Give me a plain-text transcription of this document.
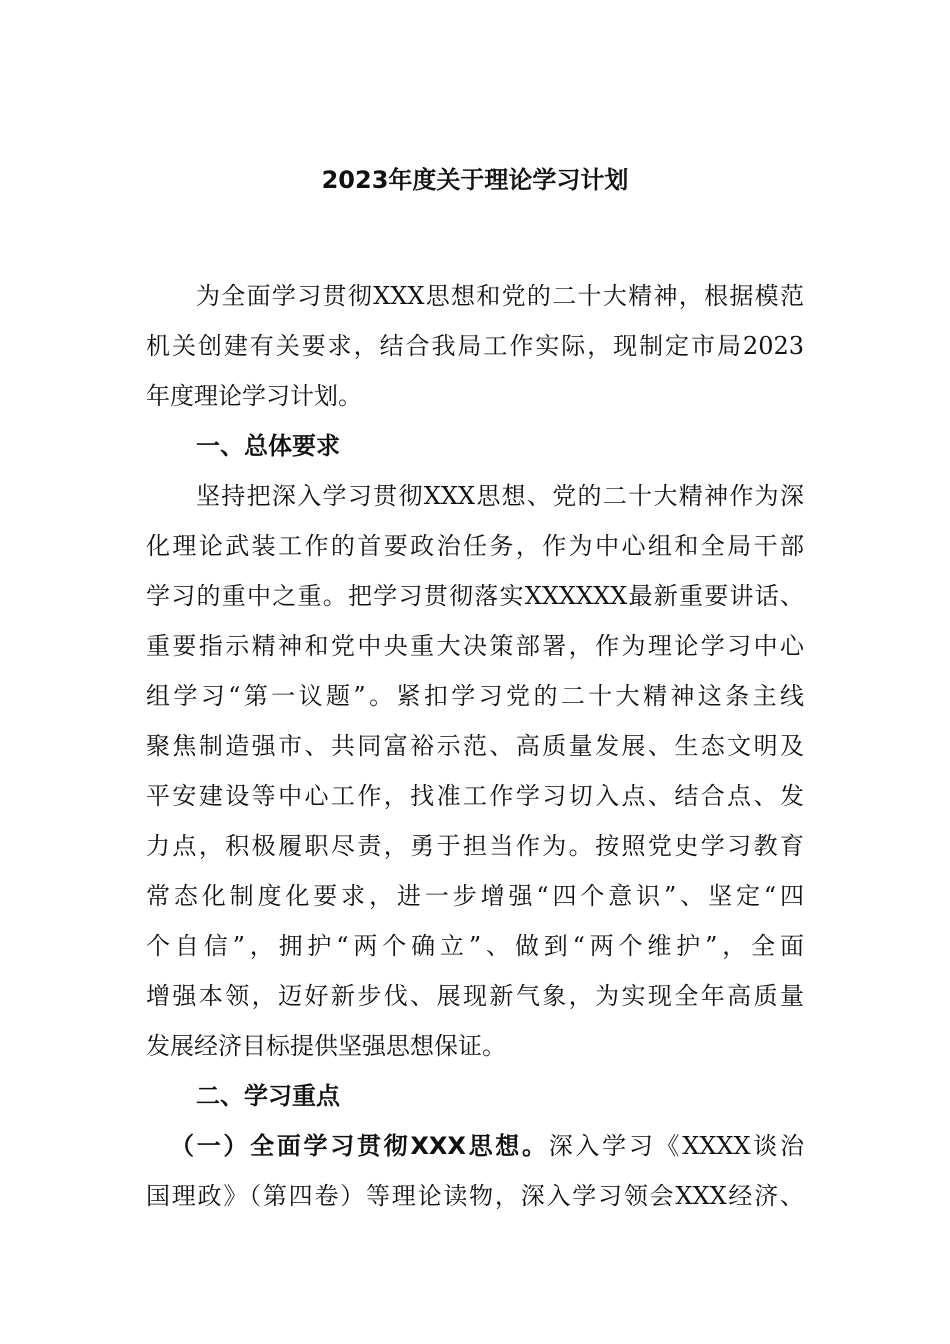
2023年度关于理论学习计划

为全面学习贯彻XXX思想和党的二十大精神，根据模范

机关创建有关要求，结合我局工作实际，现制定市局2023

年度理论学习计划。

一、总体要求

坚持把深入学习贯彻XXX思想、党的二十大精神作为深

化理论武装工作的首要政治任务，作为中心组和全局干部

学习的重中之重。把学习贯彻落实XXXXXX最新重要讲话、

重要指示精神和党中央重大决策部署，作为理论学习中心

组学习“第一议题”。紧扣学习党的二十大精神这条主线

聚焦制造强市、共同富裕示范、高质量发展、生态文明及

平安建设等中心工作，找准工作学习切入点、结合点、发

力点，积极履职尽责，勇于担当作为。按照党史学习教育

常态化制度化要求，进一步增强“四个意识”、坚定“四

个自信”，拥护“两个确立”、做到“两个维护”，全面

增强本领，迈好新步伐、展现新气象，为实现全年高质量

发展经济目标提供坚强思想保证。

二、学习重点

（一）全面学习贯彻XXX思想。深入学习《XXXX谈治

国理政》（第四卷）等理论读物，深入学习领会XXX经济、
